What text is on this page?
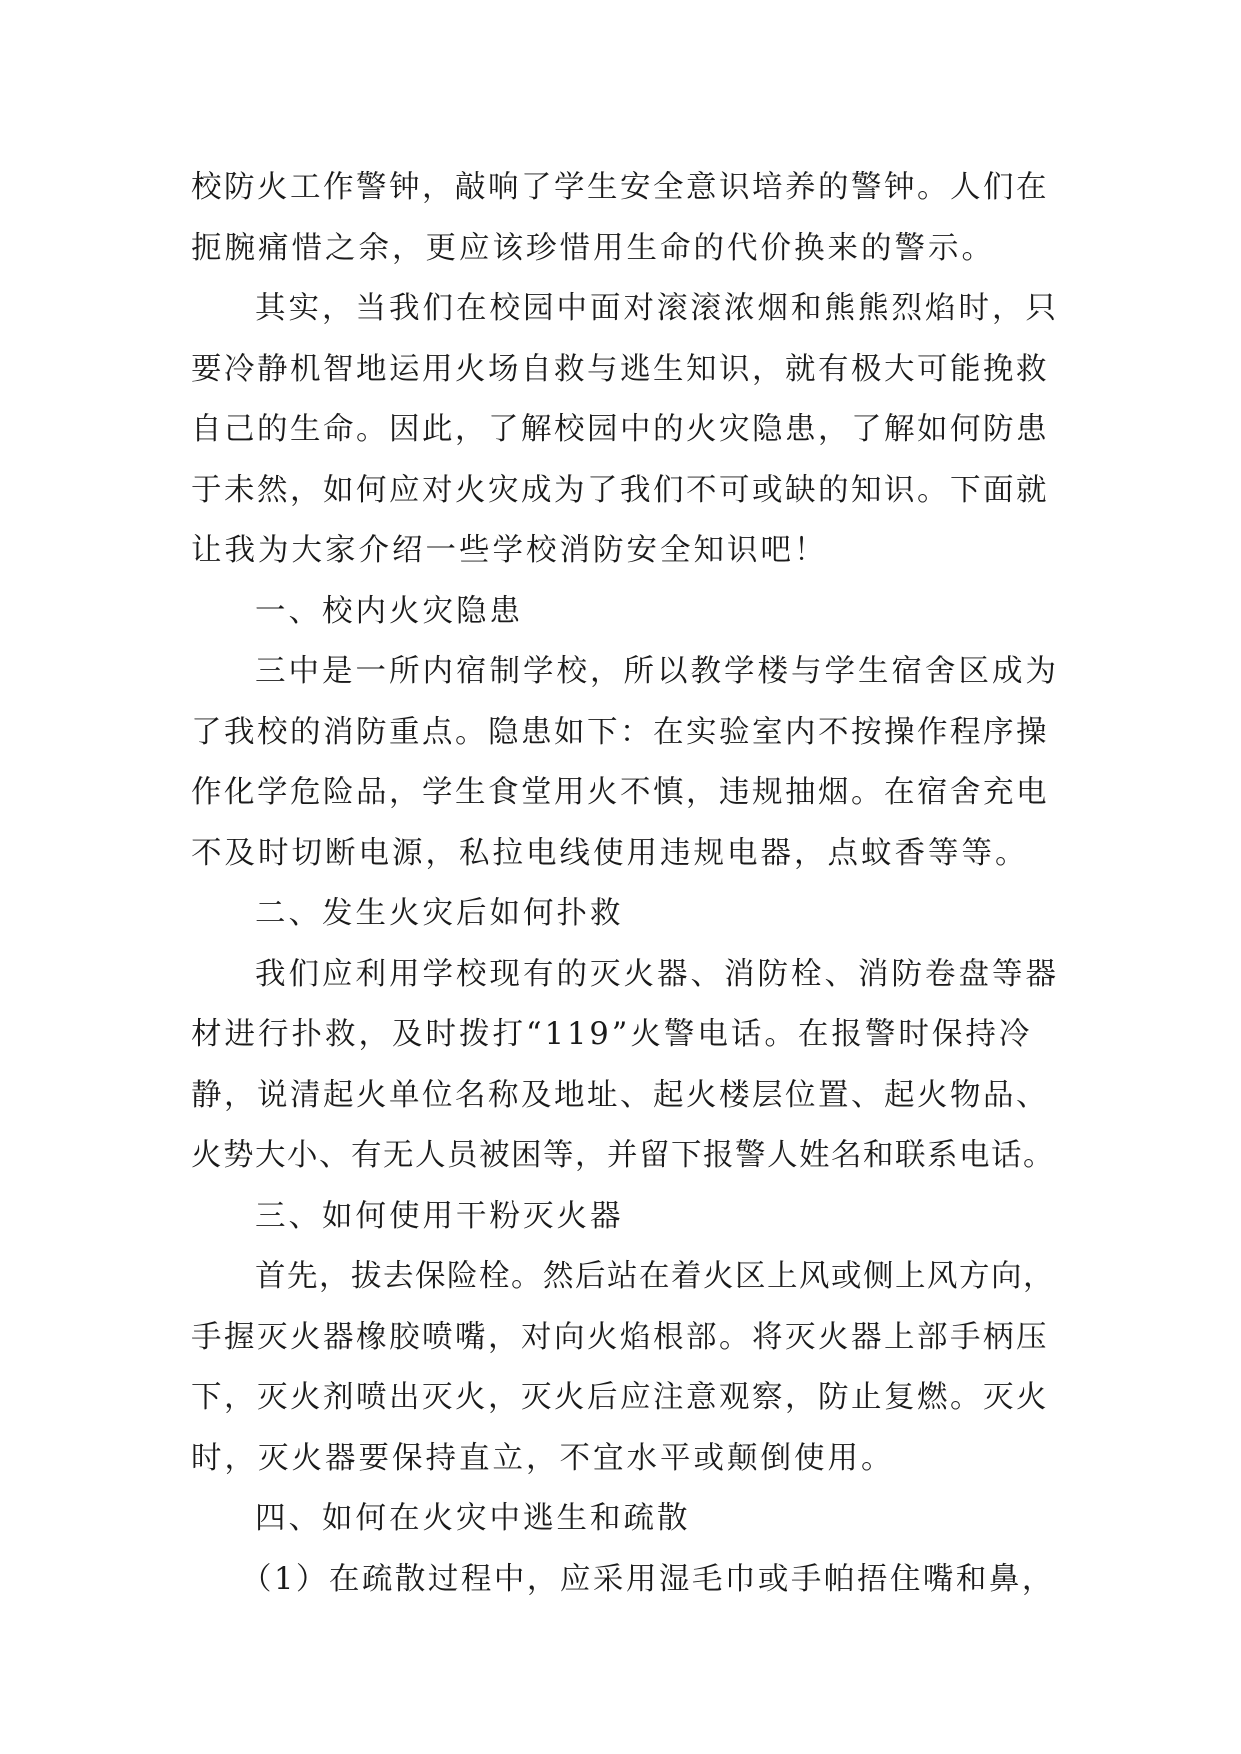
校防火工作警钟，敲响了学生安全意识培养的警钟。人们在
扼腕痛惜之余，更应该珍惜用生命的代价换来的警示。
其实，当我们在校园中面对滚滚浓烟和熊熊烈焰时，只
要冷静机智地运用火场自救与逃生知识，就有极大可能挽救
自己的生命。因此，了解校园中的火灾隐患，了解如何防患
于未然，如何应对火灾成为了我们不可或缺的知识。下面就
让我为大家介绍一些学校消防安全知识吧！
一、校内火灾隐患
三中是一所内宿制学校，所以教学楼与学生宿舍区成为
了我校的消防重点。隐患如下：在实验室内不按操作程序操
作化学危险品，学生食堂用火不慎，违规抽烟。在宿舍充电
不及时切断电源，私拉电线使用违规电器，点蚊香等等。
二、发生火灾后如何扑救
我们应利用学校现有的灭火器、消防栓、消防卷盘等器
材进行扑救，及时拨打“119”火警电话。在报警时保持冷
静，说清起火单位名称及地址、起火楼层位置、起火物品、
火势大小、有无人员被困等，并留下报警人姓名和联系电话。
三、如何使用干粉灭火器
首先，拔去保险栓。然后站在着火区上风或侧上风方向，
手握灭火器橡胶喷嘴，对向火焰根部。将灭火器上部手柄压
下，灭火剂喷出灭火，灭火后应注意观察，防止复燃。灭火
时，灭火器要保持直立，不宜水平或颠倒使用。
四、如何在火灾中逃生和疏散
（1）在疏散过程中，应采用湿毛巾或手帕捂住嘴和鼻，
